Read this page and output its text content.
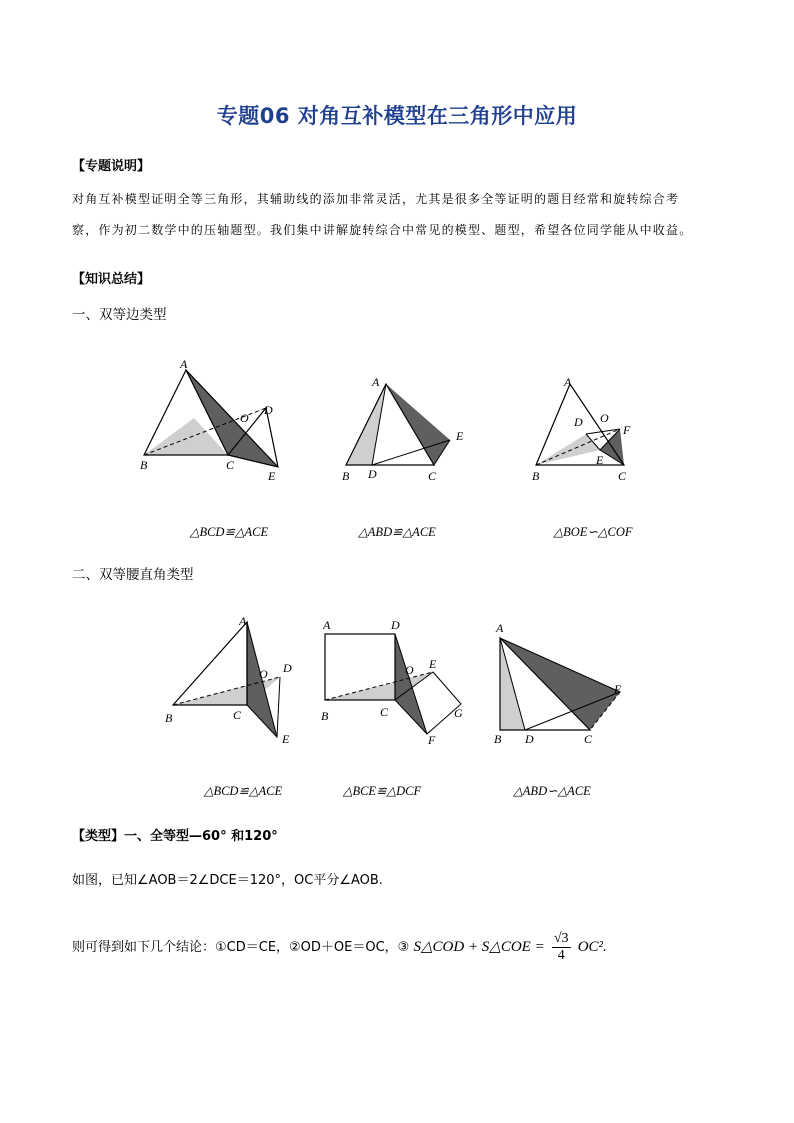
专题06 对角互补模型在三角形中应用
【专题说明】
对角互补模型证明全等三角形，其辅助线的添加非常灵活，尤其是很多全等证明的题目经常和旋转综合考
察，作为初二数学中的压轴题型。我们集中讲解旋转综合中常见的模型、题型，希望各位同学能从中收益。
【知识总结】
一、双等边类型
A
O
D
B	C
E
A
E
B D	C
A
D O
F
E
B	C
△BCD≌△ACE	△ABD≌△ACE	△BOE∽△COF
二、双等腰直角类型
A
O D
B	C
E
A	D
O E
G
B	C
F
A
E
B D	C
△BCD≌△ACE	△BCE≌△DCF	△ABD∽△ACE
【类型】一、全等型—60° 和120°
如图，已知∠AOB＝2∠DCE＝120°，OC平分∠AOB.
则可得到如下几个结论：①CD＝CE，②OD＋OE＝OC，③ S△COD + S△COE = $\frac{√3}{4} OC^2$.
